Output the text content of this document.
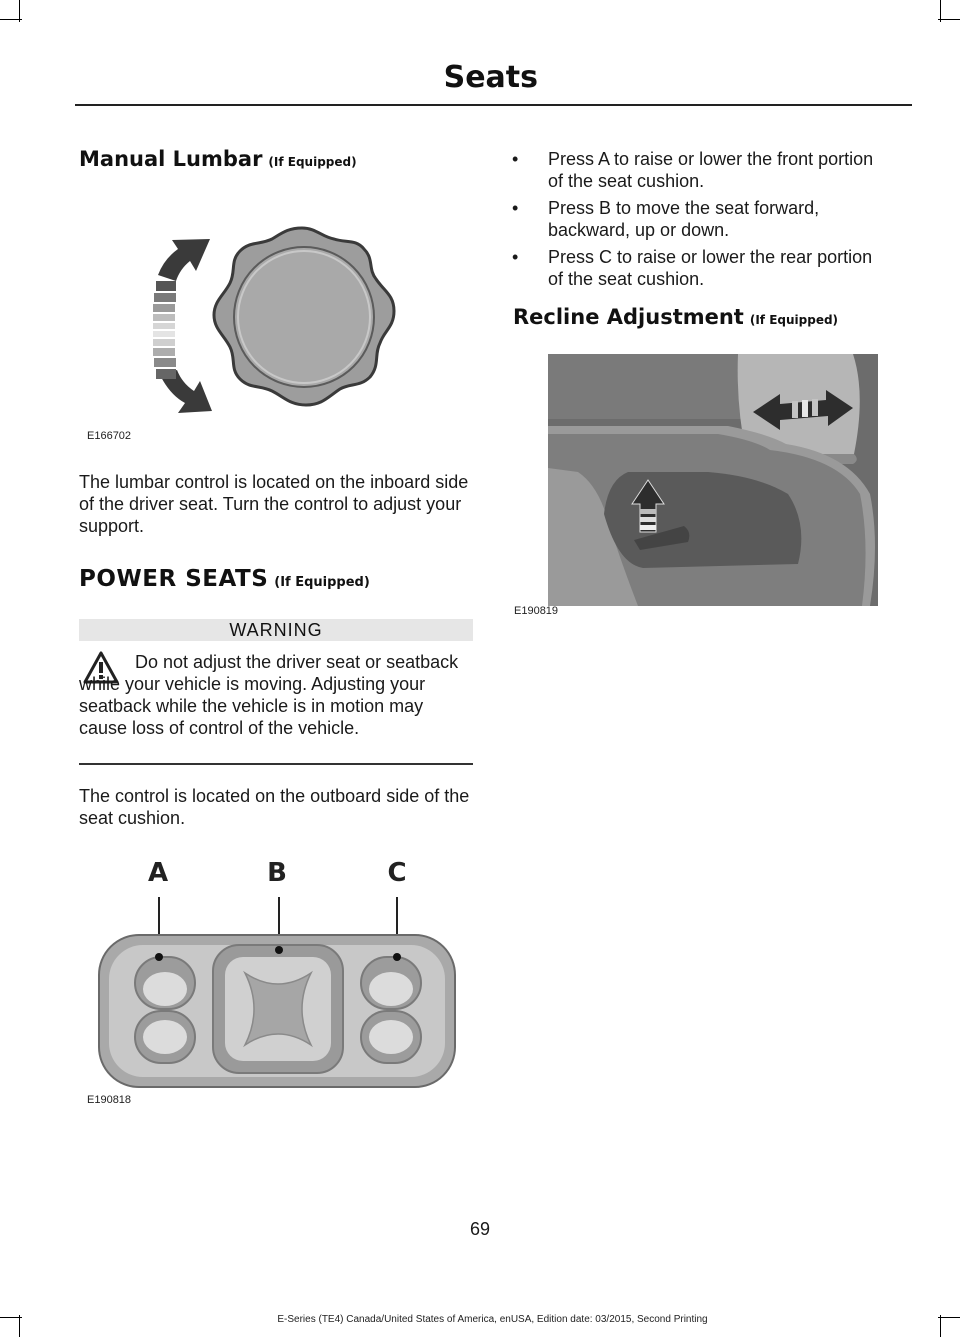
Seats
Manual Lumbar (If Equipped)
E166702
The lumbar control is located on the inboard side of the driver seat. Turn the control to adjust your support.
POWER SEATS (If Equipped)
WARNING
Do not adjust the driver seat or seatback while your vehicle is moving. Adjusting your seatback while the vehicle is in motion may cause loss of control of the vehicle.
The control is located on the outboard side of the seat cushion.
A	B	C
E190818
• Press A to raise or lower the front portion of the seat cushion.
• Press B to move the seat forward, backward, up or down.
• Press C to raise or lower the rear portion of the seat cushion.
Recline Adjustment (If Equipped)
E190819
69
E-Series (TE4) Canada/United States of America, enUSA, Edition date: 03/2015, Second Printing
